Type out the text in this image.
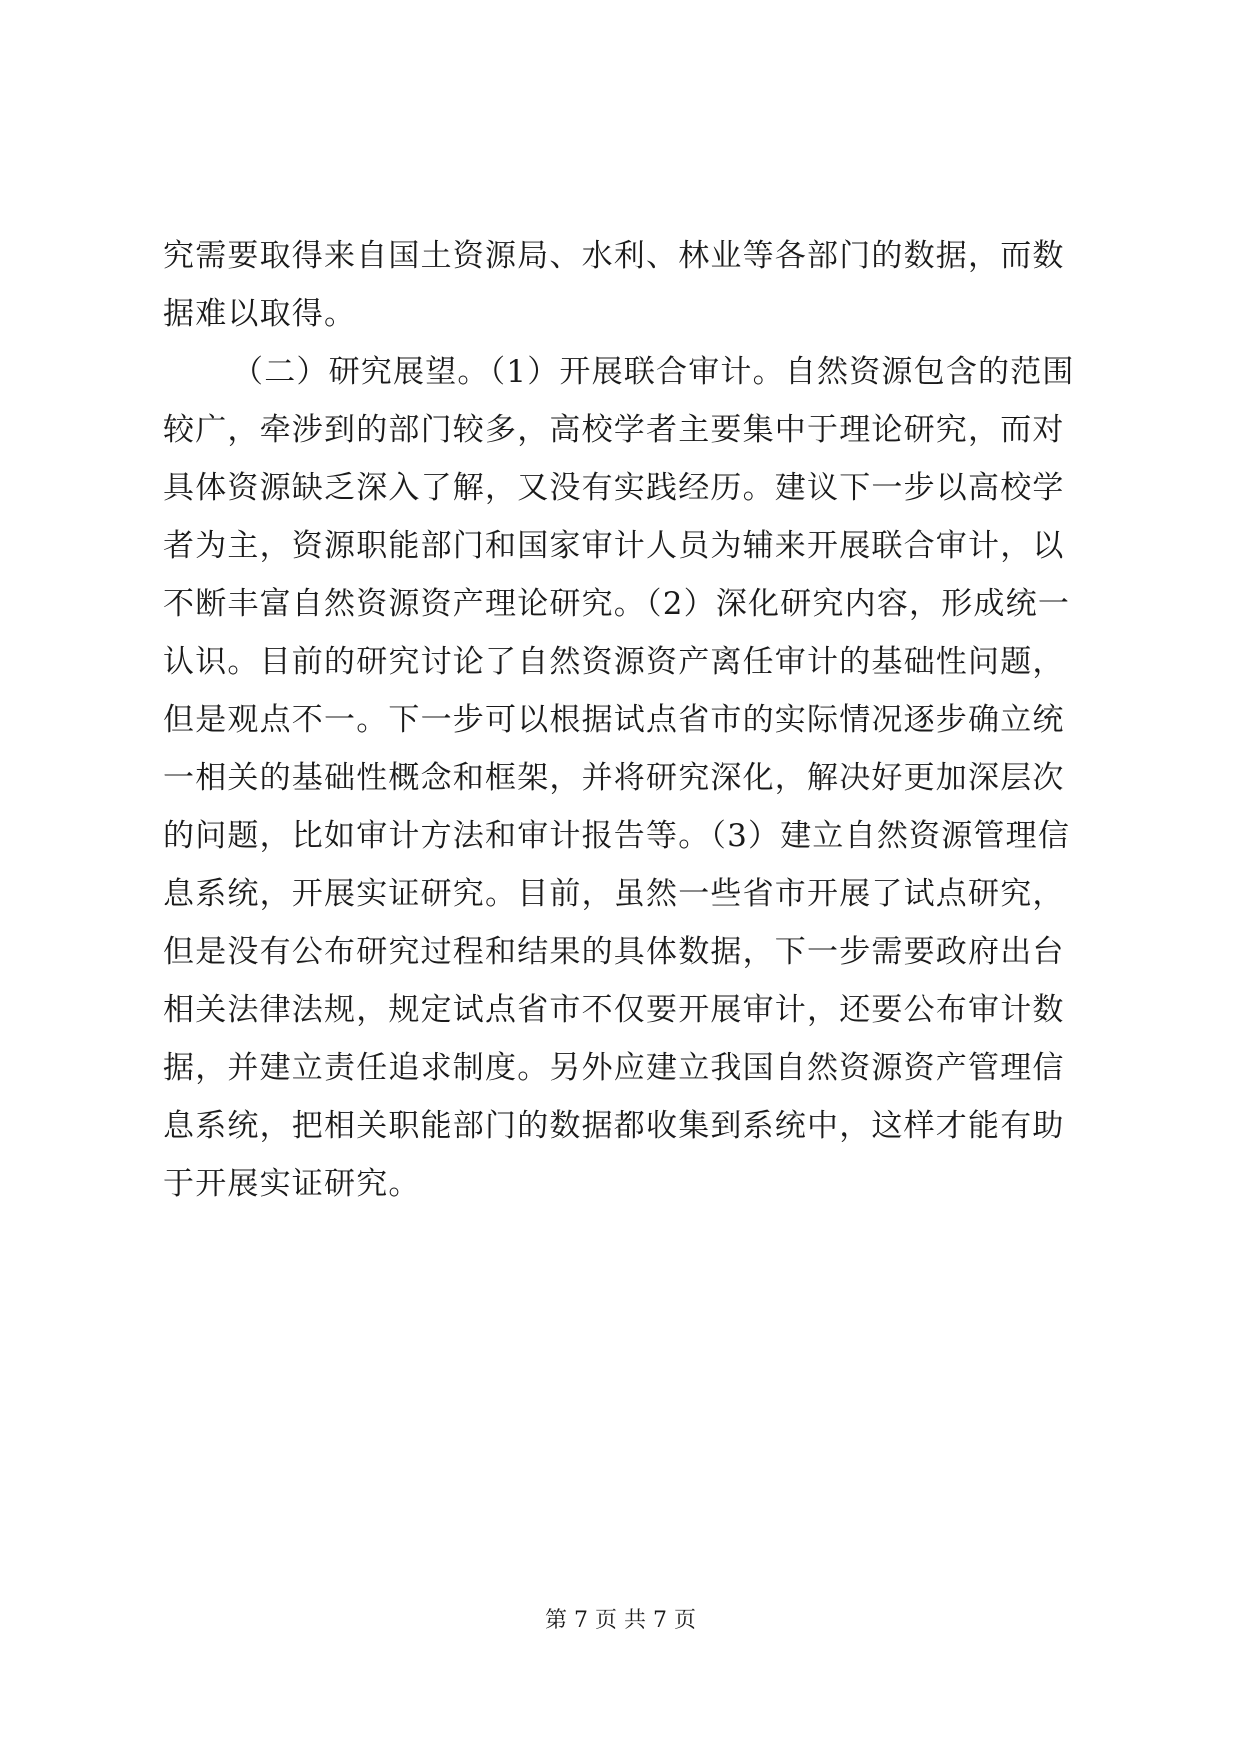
究需要取得来自国土资源局、水利、林业等各部门的数据，而数
据难以取得。
（二）研究展望。（1）开展联合审计。自然资源包含的范围
较广，牵涉到的部门较多，高校学者主要集中于理论研究，而对
具体资源缺乏深入了解，又没有实践经历。建议下一步以高校学
者为主，资源职能部门和国家审计人员为辅来开展联合审计，以
不断丰富自然资源资产理论研究。（2）深化研究内容，形成统一
认识。目前的研究讨论了自然资源资产离任审计的基础性问题，
但是观点不一。下一步可以根据试点省市的实际情况逐步确立统
一相关的基础性概念和框架，并将研究深化，解决好更加深层次
的问题，比如审计方法和审计报告等。（3）建立自然资源管理信
息系统，开展实证研究。目前，虽然一些省市开展了试点研究，
但是没有公布研究过程和结果的具体数据，下一步需要政府出台
相关法律法规，规定试点省市不仅要开展审计，还要公布审计数
据，并建立责任追求制度。另外应建立我国自然资源资产管理信
息系统，把相关职能部门的数据都收集到系统中，这样才能有助
于开展实证研究。
第 7 页 共 7 页
